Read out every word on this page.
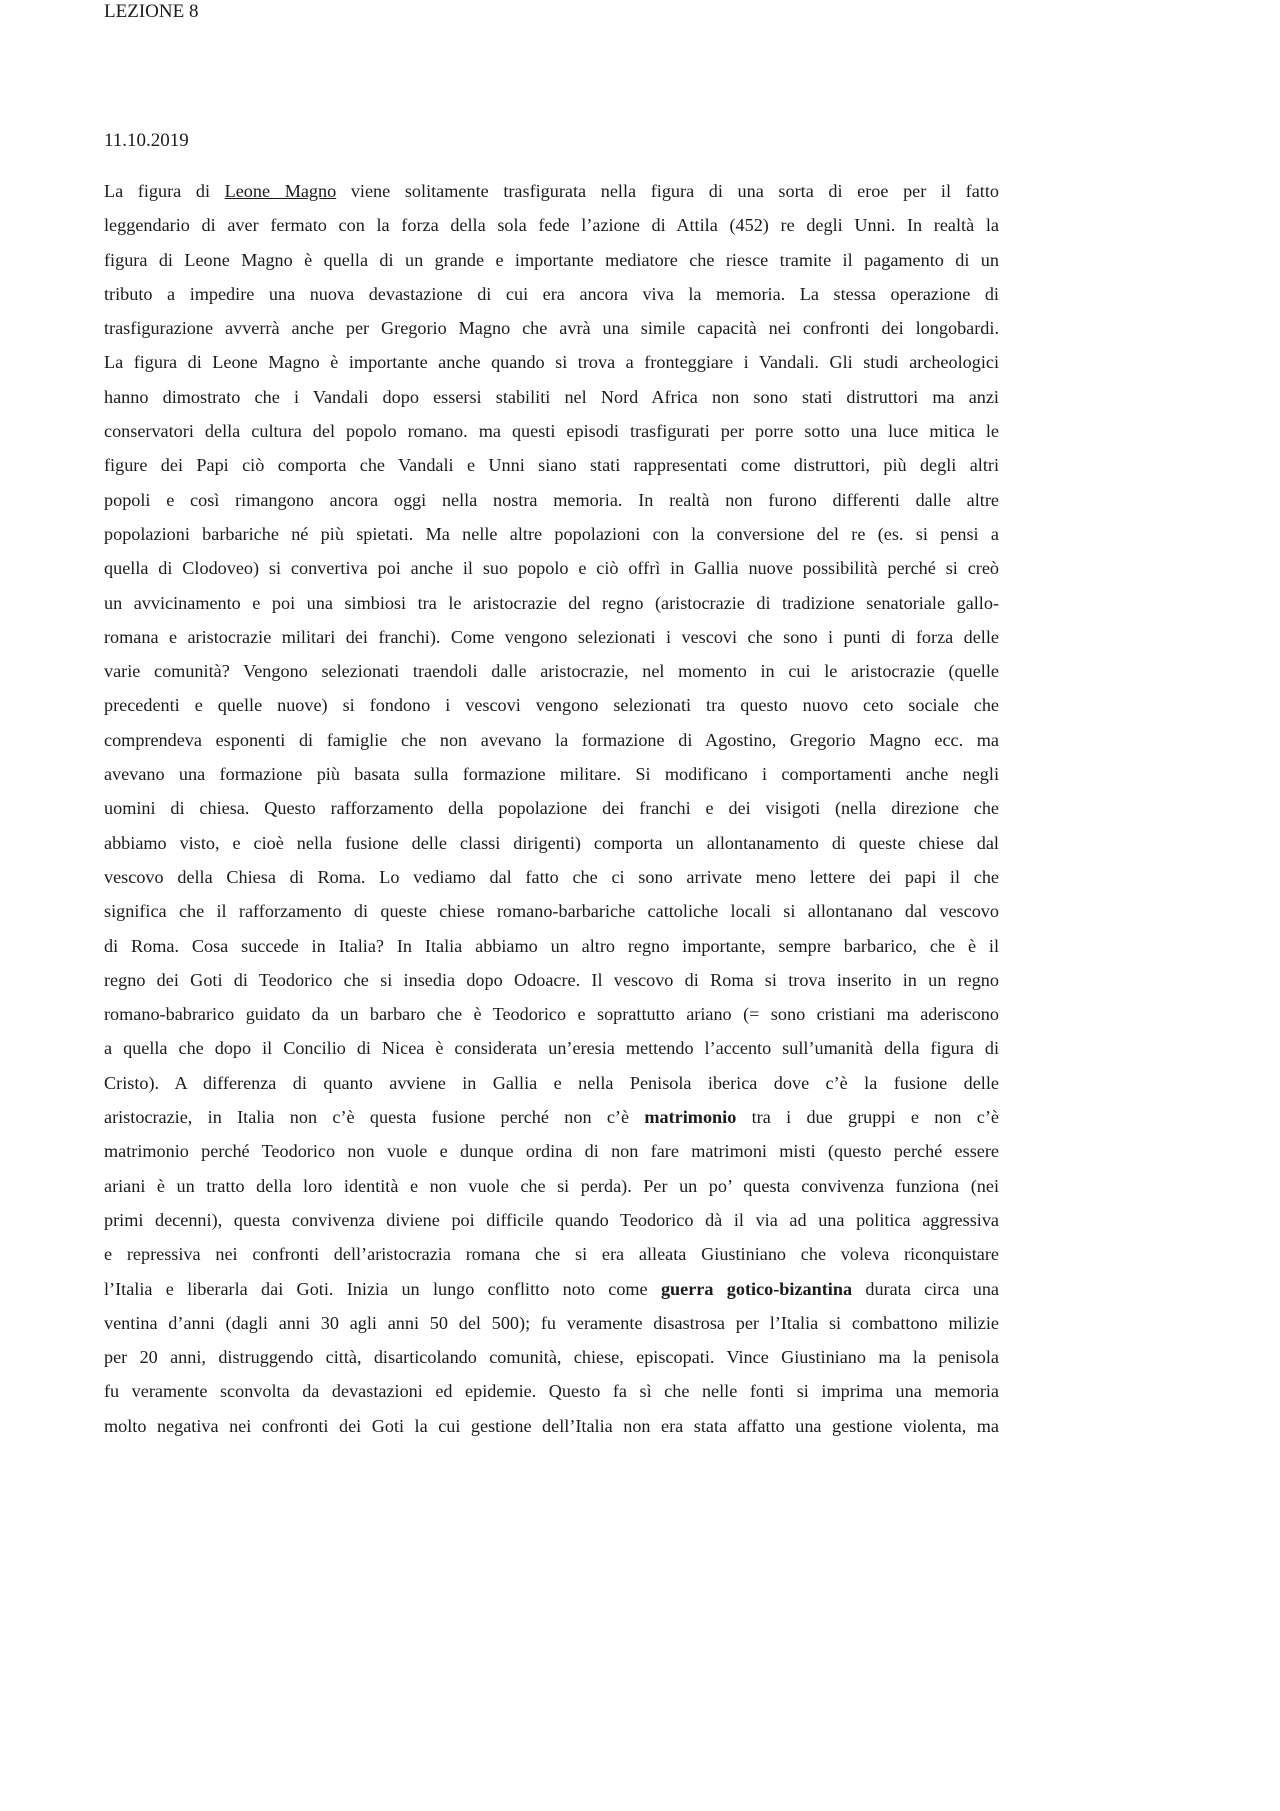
LEZIONE 8
11.10.2019
La figura di Leone Magno viene solitamente trasfigurata nella figura di una sorta di eroe per il fatto
leggendario di aver fermato con la forza della sola fede l’azione di Attila (452) re degli Unni. In realtà la
figura di Leone Magno è quella di un grande e importante mediatore che riesce tramite il pagamento di un
tributo a impedire una nuova devastazione di cui era ancora viva la memoria. La stessa operazione di
trasfigurazione avverrà anche per Gregorio Magno che avrà una simile capacità nei confronti dei longobardi.
La figura di Leone Magno è importante anche quando si trova a fronteggiare i Vandali. Gli studi archeologici
hanno dimostrato che i Vandali dopo essersi stabiliti nel Nord Africa non sono stati distruttori ma anzi
conservatori della cultura del popolo romano. ma questi episodi trasfigurati per porre sotto una luce mitica le
figure dei Papi ciò comporta che Vandali e Unni siano stati rappresentati come distruttori, più degli altri
popoli e così rimangono ancora oggi nella nostra memoria. In realtà non furono differenti dalle altre
popolazioni barbariche né più spietati. Ma nelle altre popolazioni con la conversione del re (es. si pensi a
quella di Clodoveo) si convertiva poi anche il suo popolo e ciò offrì in Gallia nuove possibilità perché si creò
un avvicinamento e poi una simbiosi tra le aristocrazie del regno (aristocrazie di tradizione senatoriale gallo-
romana e aristocrazie militari dei franchi). Come vengono selezionati i vescovi che sono i punti di forza delle
varie comunità? Vengono selezionati traendoli dalle aristocrazie, nel momento in cui le aristocrazie (quelle
precedenti e quelle nuove) si fondono i vescovi vengono selezionati tra questo nuovo ceto sociale che
comprendeva esponenti di famiglie che non avevano la formazione di Agostino, Gregorio Magno ecc. ma
avevano una formazione più basata sulla formazione militare. Si modificano i comportamenti anche negli
uomini di chiesa. Questo rafforzamento della popolazione dei franchi e dei visigoti (nella direzione che
abbiamo visto, e cioè nella fusione delle classi dirigenti) comporta un allontanamento di queste chiese dal
vescovo della Chiesa di Roma. Lo vediamo dal fatto che ci sono arrivate meno lettere dei papi il che
significa che il rafforzamento di queste chiese romano-barbariche cattoliche locali si allontanano dal vescovo
di Roma. Cosa succede in Italia? In Italia abbiamo un altro regno importante, sempre barbarico, che è il
regno dei Goti di Teodorico che si insedia dopo Odoacre. Il vescovo di Roma si trova inserito in un regno
romano-babrarico guidato da un barbaro che è Teodorico e soprattutto ariano (= sono cristiani ma aderiscono
a quella che dopo il Concilio di Nicea è considerata un’eresia mettendo l’accento sull’umanità della figura di
Cristo). A differenza di quanto avviene in Gallia e nella Penisola iberica dove c’è la fusione delle
aristocrazie, in Italia non c’è questa fusione perché non c’è matrimonio tra i due gruppi e non c’è
matrimonio perché Teodorico non vuole e dunque ordina di non fare matrimoni misti (questo perché essere
ariani è un tratto della loro identità e non vuole che si perda). Per un po’ questa convivenza funziona (nei
primi decenni), questa convivenza diviene poi difficile quando Teodorico dà il via ad una politica aggressiva
e repressiva nei confronti dell’aristocrazia romana che si era alleata Giustiniano che voleva riconquistare
l’Italia e liberarla dai Goti. Inizia un lungo conflitto noto come guerra gotico-bizantina durata circa una
ventina d’anni (dagli anni 30 agli anni 50 del 500); fu veramente disastrosa per l’Italia si combattono milizie
per 20 anni, distruggendo città, disarticolando comunità, chiese, episcopati. Vince Giustiniano ma la penisola
fu veramente sconvolta da devastazioni ed epidemie. Questo fa sì che nelle fonti si imprima una memoria
molto negativa nei confronti dei Goti la cui gestione dell’Italia non era stata affatto una gestione violenta, ma
